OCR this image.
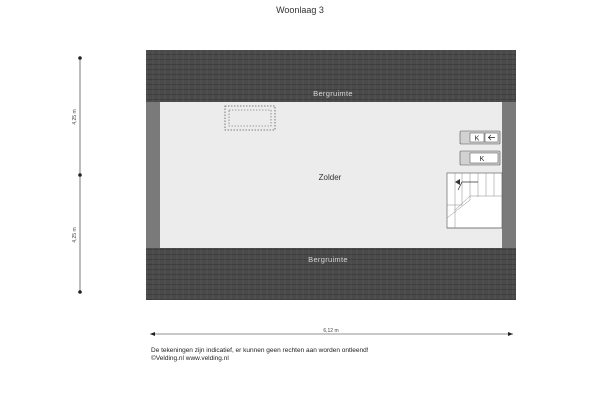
Woonlaag 3
Bergruimte
Zolder
K
K
Bergruimte
4,25 m
4,25 m
6,12 m
De tekeningen zijn indicatief, er kunnen geen rechten aan worden ontleend!
©Velding.nl www.velding.nl
